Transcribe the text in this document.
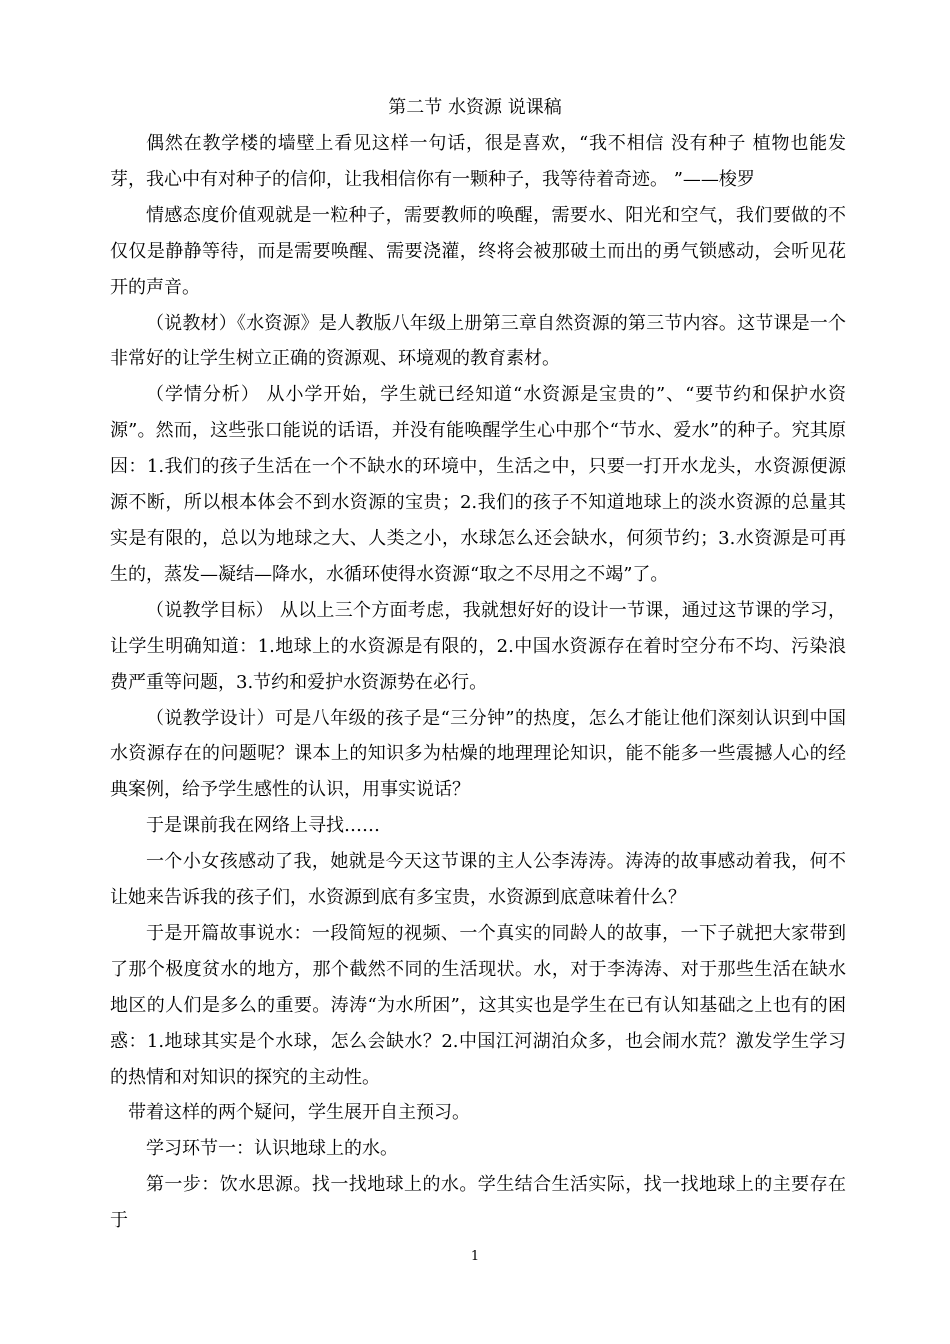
第二节 水资源 说课稿

偶然在教学楼的墙壁上看见这样一句话，很是喜欢，“我不相信 没有种子 植物也能发芽，我心中有对种子的信仰，让我相信你有一颗种子，我等待着奇迹。 ”——梭罗

情感态度价值观就是一粒种子，需要教师的唤醒，需要水、阳光和空气，我们要做的不仅仅是静静等待，而是需要唤醒、需要浇灌，终将会被那破土而出的勇气锁感动，会听见花开的声音。

（说教材）《水资源》是人教版八年级上册第三章自然资源的第三节内容。这节课是一个非常好的让学生树立正确的资源观、环境观的教育素材。

（学情分析） 从小学开始，学生就已经知道“水资源是宝贵的”、“要节约和保护水资源”。然而，这些张口能说的话语，并没有能唤醒学生心中那个“节水、爱水”的种子。究其原因：1.我们的孩子生活在一个不缺水的环境中，生活之中，只要一打开水龙头，水资源便源源不断，所以根本体会不到水资源的宝贵；2.我们的孩子不知道地球上的淡水资源的总量其实是有限的，总以为地球之大、人类之小，水球怎么还会缺水，何须节约；3.水资源是可再生的，蒸发—凝结—降水，水循环使得水资源“取之不尽用之不竭”了。

（说教学目标） 从以上三个方面考虑，我就想好好的设计一节课，通过这节课的学习，让学生明确知道：1.地球上的水资源是有限的，2.中国水资源存在着时空分布不均、污染浪费严重等问题，3.节约和爱护水资源势在必行。

（说教学设计）可是八年级的孩子是“三分钟”的热度，怎么才能让他们深刻认识到中国水资源存在的问题呢？课本上的知识多为枯燥的地理理论知识，能不能多一些震撼人心的经典案例，给予学生感性的认识，用事实说话？

于是课前我在网络上寻找……

一个小女孩感动了我，她就是今天这节课的主人公李涛涛。涛涛的故事感动着我，何不让她来告诉我的孩子们，水资源到底有多宝贵，水资源到底意味着什么？

于是开篇故事说水：一段简短的视频、一个真实的同龄人的故事，一下子就把大家带到了那个极度贫水的地方，那个截然不同的生活现状。水，对于李涛涛、对于那些生活在缺水地区的人们是多么的重要。涛涛“为水所困”，这其实也是学生在已有认知基础之上也有的困惑：1.地球其实是个水球，怎么会缺水？2.中国江河湖泊众多，也会闹水荒？激发学生学习的热情和对知识的探究的主动性。

带着这样的两个疑问，学生展开自主预习。

学习环节一：认识地球上的水。

第一步：饮水思源。找一找地球上的水。学生结合生活实际，找一找地球上的主要存在于

1
